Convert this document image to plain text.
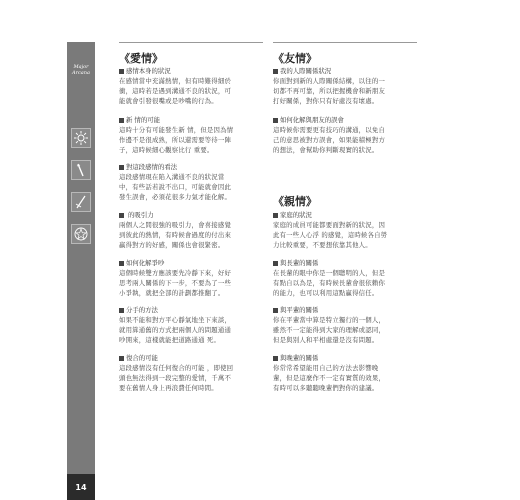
Major
Arcana
14
《愛情》
感情本身的狀況
在感情當中充滿熱情，但有時難得細於
衝，這時若是遇到溝通不良的狀況，可
能就會引發很嘴或是吵嘴的行為。
新 情的可能
這時十分有可能發生新 情，但是因為情
作邊不是很成熟，所以還需要等待一陣
子，這時候細心觀察比行 重要。
對這段感情的看法
這段感情現在陷入溝通不良的狀況當
中，有些話若說不出口，可能就會因此
發生誤會，必須花很多力氣才能化解。
的吸引力
兩個人之間很強的吸引力，會喜接感覺
到彼此的熱情，有時候會過度的付出來
贏得對方的好感，關係也會很緊密。
如何化解爭吵
這個時候雙方應該要先冷靜下來，好好
思考兩人關係的下一步，不要為了一些
小爭執，就把全部的計劃都推翻了。
分手的方法
如果不能和對方平心靜氣地坐下來談，
就用算通舊的方式把兩個人的問題通通
吵開來，這樣就能把道路通通 死。
復合的可能
這段感情沒有任何復合的可能 ，即使回
頭也無法得到一段完整的愛情，千萬不
要在舊情人身上再浪費任何時間。
《友情》
我的人際關係狀況
你面對到新的人際關係結構，以往的一
切都不再可靠，所以把握機會和新朋友
打好關係，對你只有好處沒有壞處。
如何化解與朋友的誤會
這時候你需要更有技巧的溝通，以免自
己的意思被對方誤會，如果能積極對方
的想法，會幫助你判斷現實的狀況。
《親情》
家庭的狀況
家庭的成員可能都要面對新的狀況，因
此有一些人心浮 的感覺，這時候各自勞
力比較重要，不要想依靠其他人。
與長輩的關係
在長輩的眼中你是一個聰明的人，但是
有點自以為是，有時候長輩會很依賴你
的能力，也可以利用這點贏得信任。
與平輩的關係
你在平輩當中算是特立獨行的一個人，
雖然不一定能得到大家的理解或認同，
但是與別人和平相處還是沒有問題。
與晚輩的關係
你常常希望能用自己的方法去影響晚
輩，但是這麼作不一定有實質的效果，
有時可以多聽聽晚輩們對你的建議。
